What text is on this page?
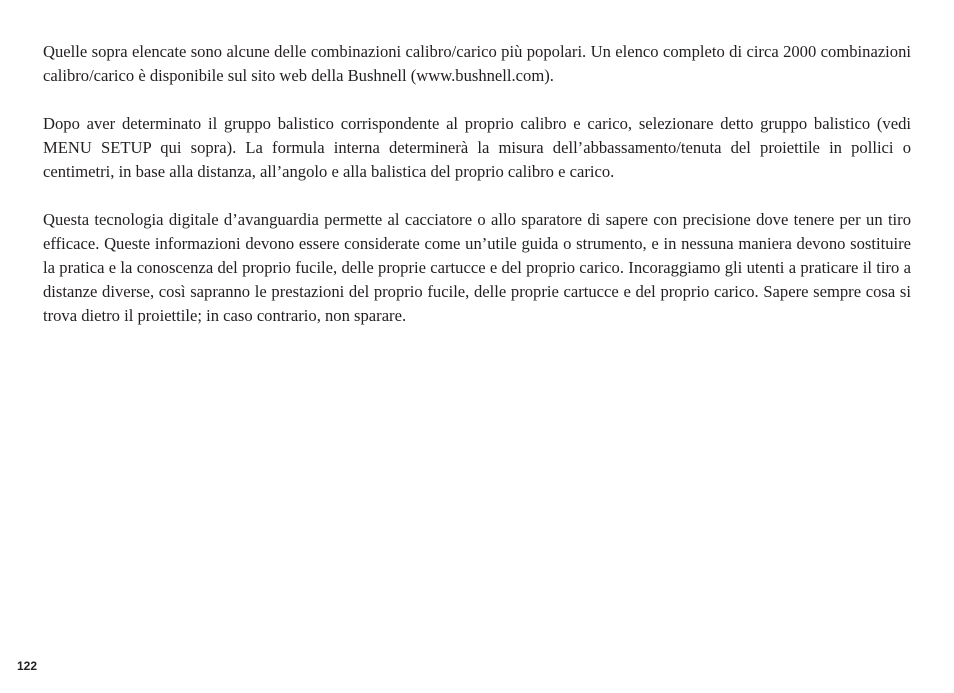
Quelle sopra elencate sono alcune delle combinazioni calibro/carico più popolari. Un elenco completo di circa 2000 combinazioni calibro/carico è disponibile sul sito web della Bushnell (www.bushnell.com).

Dopo aver determinato il gruppo balistico corrispondente al proprio calibro e carico, selezionare detto gruppo balistico (vedi MENU SETUP qui sopra). La formula interna determinerà la misura dell’abbassamento/tenuta del proiettile in pollici o centimetri, in base alla distanza, all’angolo e alla balistica del proprio calibro e carico.

Questa tecnologia digitale d’avanguardia permette al cacciatore o allo sparatore di sapere con precisione dove tenere per un tiro efficace. Queste informazioni devono essere considerate come un’utile guida o strumento, e in nessuna maniera devono sostituire la pratica e la conoscenza del proprio fucile, delle proprie cartucce e del proprio carico. Incoraggiamo gli utenti a praticare il tiro a distanze diverse, così sapranno le prestazioni del proprio fucile, delle proprie cartucce e del proprio carico. Sapere sempre cosa si trova dietro il proiettile; in caso contrario, non sparare.

122
